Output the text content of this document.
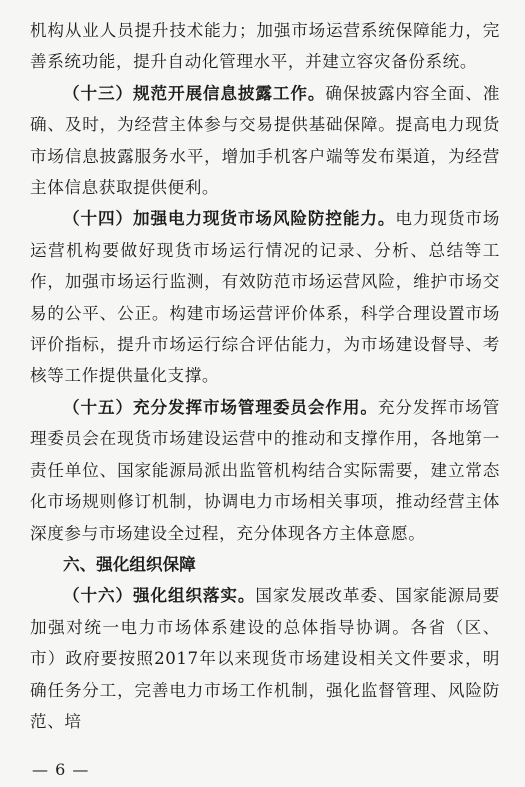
机构从业人员提升技术能力；加强市场运营系统保障能力，完善系统功能，提升自动化管理水平，并建立容灾备份系统。

（十三）规范开展信息披露工作。确保披露内容全面、准确、及时，为经营主体参与交易提供基础保障。提高电力现货市场信息披露服务水平，增加手机客户端等发布渠道，为经营主体信息获取提供便利。

（十四）加强电力现货市场风险防控能力。电力现货市场运营机构要做好现货市场运行情况的记录、分析、总结等工作，加强市场运行监测，有效防范市场运营风险，维护市场交易的公平、公正。构建市场运营评价体系，科学合理设置市场评价指标，提升市场运行综合评估能力，为市场建设督导、考核等工作提供量化支撑。

（十五）充分发挥市场管理委员会作用。充分发挥市场管理委员会在现货市场建设运营中的推动和支撑作用，各地第一责任单位、国家能源局派出监管机构结合实际需要，建立常态化市场规则修订机制，协调电力市场相关事项，推动经营主体深度参与市场建设全过程，充分体现各方主体意愿。

六、强化组织保障

（十六）强化组织落实。国家发展改革委、国家能源局要加强对统一电力市场体系建设的总体指导协调。各省（区、市）政府要按照2017年以来现货市场建设相关文件要求，明确任务分工，完善电力市场工作机制，强化监督管理、风险防范、培

— 6 —
